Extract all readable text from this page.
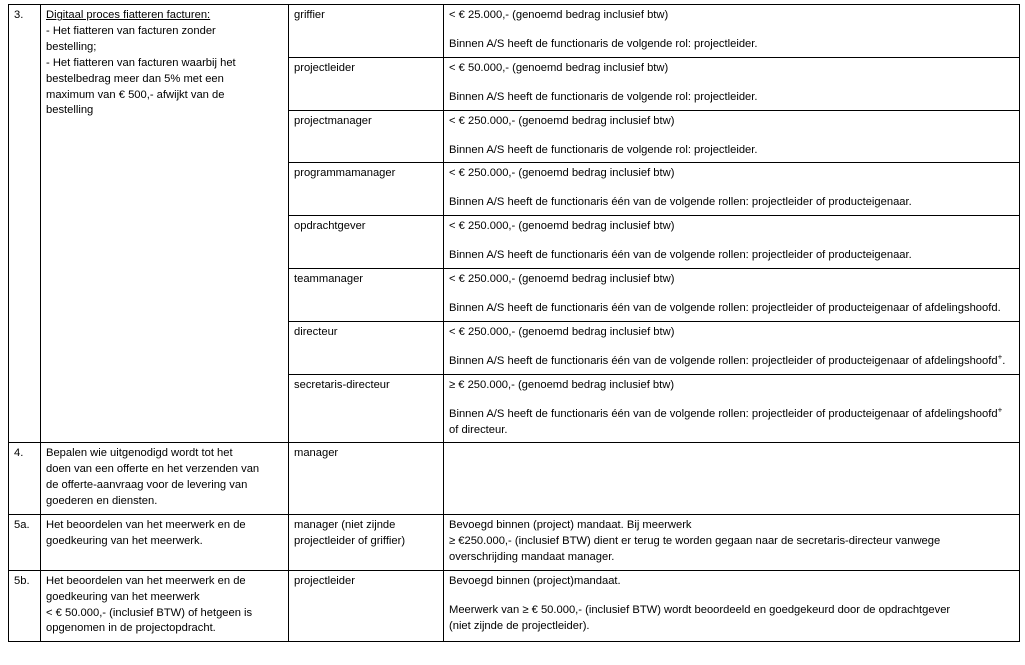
3.	Digitaal proces fiatteren facturen:
- Het fiatteren van facturen zonder
bestelling;
- Het fiatteren van facturen waarbij het
bestelbedrag meer dan 5% met een
maximum van € 500,- afwijkt van de
bestelling
	griffier	< € 25.000,- (genoemd bedrag inclusief btw)
Binnen A/S heeft de functionaris de volgende rol: projectleider.

		projectleider	< € 50.000,- (genoemd bedrag inclusief btw)
Binnen A/S heeft de functionaris de volgende rol: projectleider.

		projectmanager	< € 250.000,- (genoemd bedrag inclusief btw)
Binnen A/S heeft de functionaris de volgende rol: projectleider.

		programmamanager	< € 250.000,- (genoemd bedrag inclusief btw)
Binnen A/S heeft de functionaris één van de volgende rollen: projectleider of producteigenaar.

		opdrachtgever	< € 250.000,- (genoemd bedrag inclusief btw)
Binnen A/S heeft de functionaris één van de volgende rollen: projectleider of producteigenaar.

		teammanager	< € 250.000,- (genoemd bedrag inclusief btw)
Binnen A/S heeft de functionaris één van de volgende rollen: projectleider of producteigenaar of afdelingshoofd.

		directeur	< € 250.000,- (genoemd bedrag inclusief btw)
Binnen A/S heeft de functionaris één van de volgende rollen: projectleider of producteigenaar of afdelingshoofd+.

		secretaris-directeur	≥ € 250.000,- (genoemd bedrag inclusief btw)
Binnen A/S heeft de functionaris één van de volgende rollen: projectleider of producteigenaar of afdelingshoofd+ of directeur.

4.	Bepalen wie uitgenodigd wordt tot het
doen van een offerte en het verzenden van
de offerte-aanvraag voor de levering van
goederen en diensten.	manager	
5a.	Het beoordelen van het meerwerk en de
goedkeuring van het meerwerk.	manager (niet zijnde
projectleider of griffier)	Bevoegd binnen (project) mandaat. Bij meerwerk
≥ €250.000,- (inclusief BTW) dient er terug te worden gegaan naar de secretaris-directeur vanwege
overschrijding mandaat manager.

5b.	Het beoordelen van het meerwerk en de
goedkeuring van het meerwerk
< € 50.000,- (inclusief BTW) of hetgeen is
opgenomen in de projectopdracht.	projectleider	Bevoegd binnen (project)mandaat.
Meerwerk van ≥ € 50.000,- (inclusief BTW) wordt beoordeeld en goedgekeurd door de opdrachtgever
(niet zijnde de projectleider).
